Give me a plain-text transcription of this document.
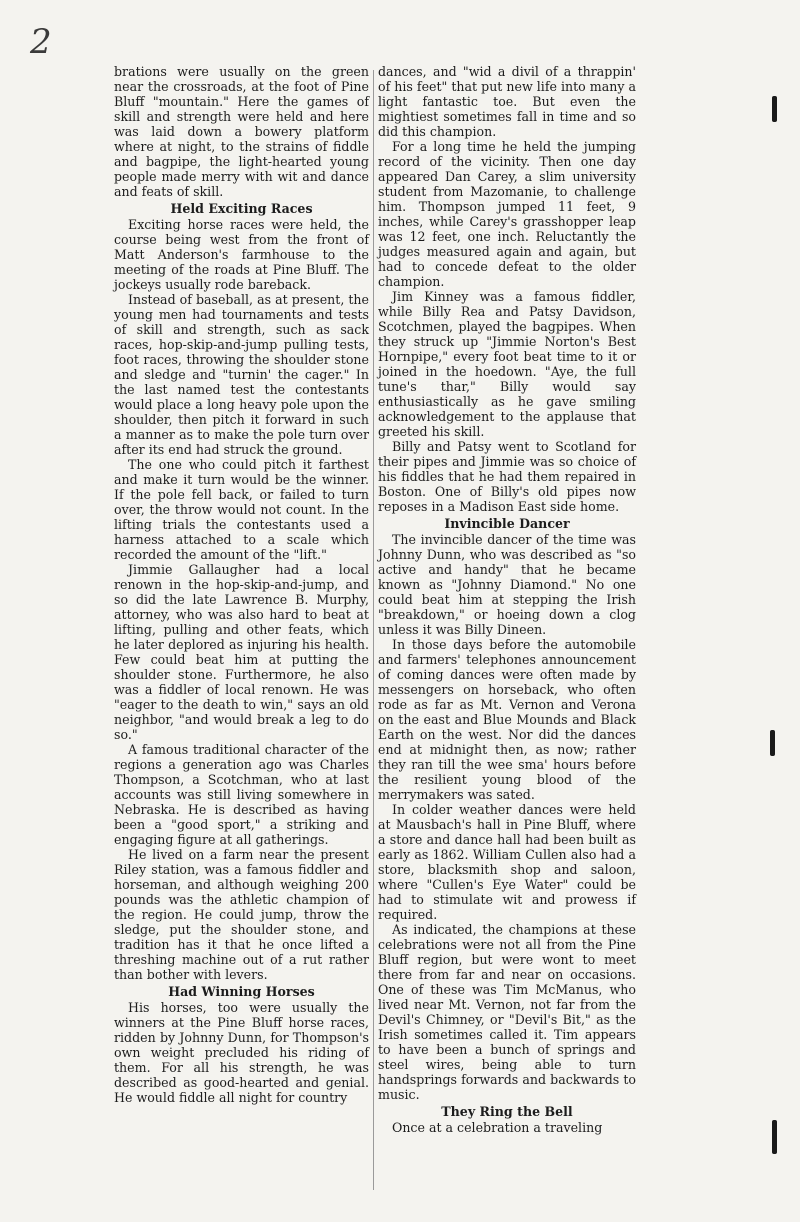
2

brations were usually on the green near the crossroads, at the foot of Pine Bluff "mountain." Here the games of skill and strength were held and here was laid down a bowery platform where at night, to the strains of fiddle and bagpipe, the light-hearted young people made merry with wit and dance and feats of skill.

Held Exciting Races

Exciting horse races were held, the course being west from the front of Matt Anderson's farmhouse to the meeting of the roads at Pine Bluff. The jockeys usually rode bareback.

Instead of baseball, as at present, the young men had tournaments and tests of skill and strength, such as sack races, hop-skip-and-jump pulling tests, foot races, throwing the shoulder stone and sledge and "turnin' the cager." In the last named test the contestants would place a long heavy pole upon the shoulder, then pitch it forward in such a manner as to make the pole turn over after its end had struck the ground.

The one who could pitch it farthest and make it turn would be the winner. If the pole fell back, or failed to turn over, the throw would not count. In the lifting trials the contestants used a harness attached to a scale which recorded the amount of the "lift."

Jimmie Gallaugher had a local renown in the hop-skip-and-jump, and so did the late Lawrence B. Murphy, attorney, who was also hard to beat at lifting, pulling and other feats, which he later deplored as injuring his health. Few could beat him at putting the shoulder stone. Furthermore, he also was a fiddler of local renown. He was "eager to the death to win," says an old neighbor, "and would break a leg to do so."

A famous traditional character of the regions a generation ago was Charles Thompson, a Scotchman, who at last accounts was still living somewhere in Nebraska. He is described as having been a "good sport," a striking and engaging figure at all gatherings.

He lived on a farm near the present Riley station, was a famous fiddler and horseman, and although weighing 200 pounds was the athletic champion of the region. He could jump, throw the sledge, put the shoulder stone, and tradition has it that he once lifted a threshing machine out of a rut rather than bother with levers.

Had Winning Horses

His horses, too were usually the winners at the Pine Bluff horse races, ridden by Johnny Dunn, for Thompson's own weight precluded his riding of them. For all his strength, he was described as good-hearted and genial. He would fiddle all night for country

dances, and "wid a divil of a thrappin' of his feet" that put new life into many a light fantastic toe. But even the mightiest sometimes fall in time and so did this champion.

For a long time he held the jumping record of the vicinity. Then one day appeared Dan Carey, a slim university student from Mazomanie, to challenge him. Thompson jumped 11 feet, 9 inches, while Carey's grasshopper leap was 12 feet, one inch. Reluctantly the judges measured again and again, but had to concede defeat to the older champion.

Jim Kinney was a famous fiddler, while Billy Rea and Patsy Davidson, Scotchmen, played the bagpipes. When they struck up "Jimmie Norton's Best Hornpipe," every foot beat time to it or joined in the hoedown. "Aye, the full tune's thar," Billy would say enthusiastically as he gave smiling acknowledgement to the applause that greeted his skill.

Billy and Patsy went to Scotland for their pipes and Jimmie was so choice of his fiddles that he had them repaired in Boston. One of Billy's old pipes now reposes in a Madison East side home.

Invincible Dancer

The invincible dancer of the time was Johnny Dunn, who was described as "so active and handy" that he became known as "Johnny Diamond." No one could beat him at stepping the Irish "breakdown," or hoeing down a clog unless it was Billy Dineen.

In those days before the automobile and farmers' telephones announcement of coming dances were often made by messengers on horseback, who often rode as far as Mt. Vernon and Verona on the east and Blue Mounds and Black Earth on the west. Nor did the dances end at midnight then, as now; rather they ran till the wee sma' hours before the resilient young blood of the merrymakers was sated.

In colder weather dances were held at Mausbach's hall in Pine Bluff, where a store and dance hall had been built as early as 1862. William Cullen also had a store, blacksmith shop and saloon, where "Cullen's Eye Water" could be had to stimulate wit and prowess if required.

As indicated, the champions at these celebrations were not all from the Pine Bluff region, but were wont to meet there from far and near on occasions. One of these was Tim McManus, who lived near Mt. Vernon, not far from the Devil's Chimney, or "Devil's Bit," as the Irish sometimes called it. Tim appears to have been a bunch of springs and steel wires, being able to turn handsprings forwards and backwards to music.

They Ring the Bell

Once at a celebration a traveling
